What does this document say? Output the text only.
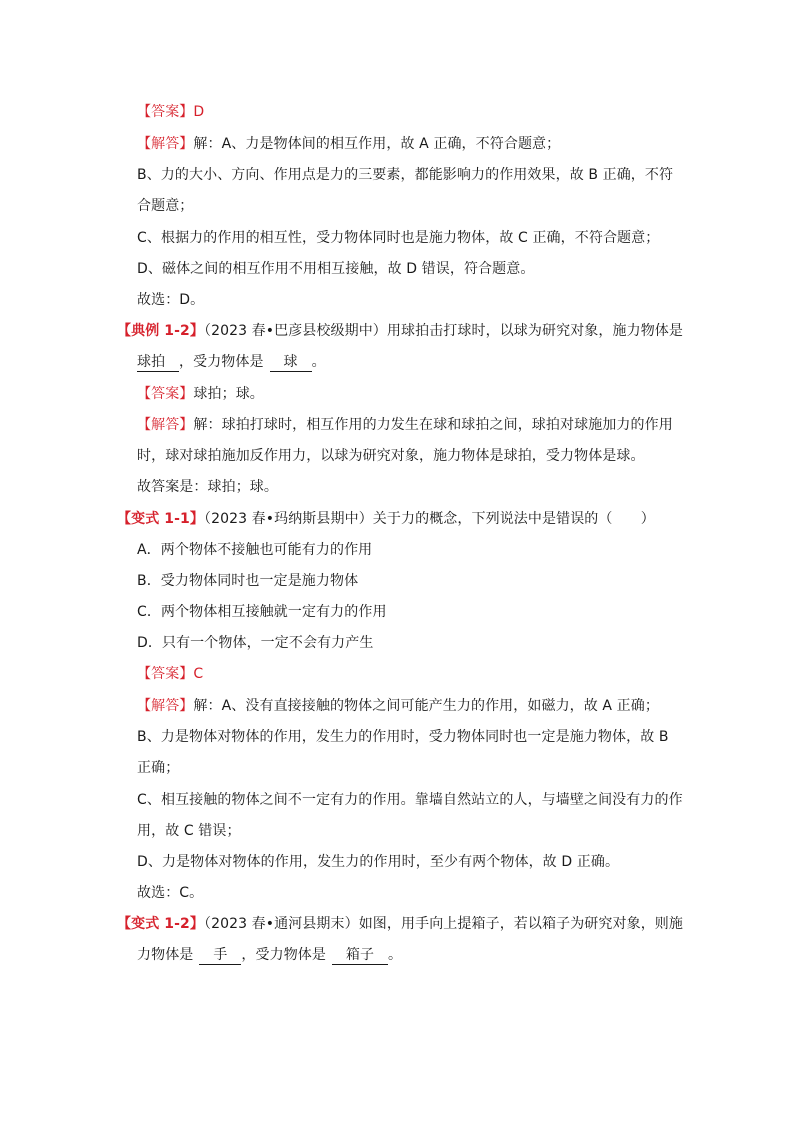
【答案】D
【解答】解：A、力是物体间的相互作用，故 A 正确，不符合题意；
B、力的大小、方向、作用点是力的三要素，都能影响力的作用效果，故 B 正确，不符
合题意；
C、根据力的作用的相互性，受力物体同时也是施力物体，故 C 正确，不符合题意；
D、磁体之间的相互作用不用相互接触，故 D 错误，符合题意。
故选：D。
【典例 1-2】（2023 春•巴彦县校级期中）用球拍击打球时，以球为研究对象，施力物体是
球拍 ，受力物体是 球 。
【答案】球拍；球。
【解答】解：球拍打球时，相互作用的力发生在球和球拍之间，球拍对球施加力的作用
时，球对球拍施加反作用力，以球为研究对象，施力物体是球拍，受力物体是球。
故答案是：球拍；球。
【变式 1-1】（2023 春•玛纳斯县期中）关于力的概念，下列说法中是错误的（　　）
A．两个物体不接触也可能有力的作用
B．受力物体同时也一定是施力物体
C．两个物体相互接触就一定有力的作用
D．只有一个物体，一定不会有力产生
【答案】C
【解答】解：A、没有直接接触的物体之间可能产生力的作用，如磁力，故 A 正确；
B、力是物体对物体的作用，发生力的作用时，受力物体同时也一定是施力物体，故 B
正确；
C、相互接触的物体之间不一定有力的作用。靠墙自然站立的人，与墙壁之间没有力的作
用，故 C 错误；
D、力是物体对物体的作用，发生力的作用时，至少有两个物体，故 D 正确。
故选：C。
【变式 1-2】（2023 春•通河县期末）如图，用手向上提箱子，若以箱子为研究对象，则施
力物体是 手 ，受力物体是 箱子 。
